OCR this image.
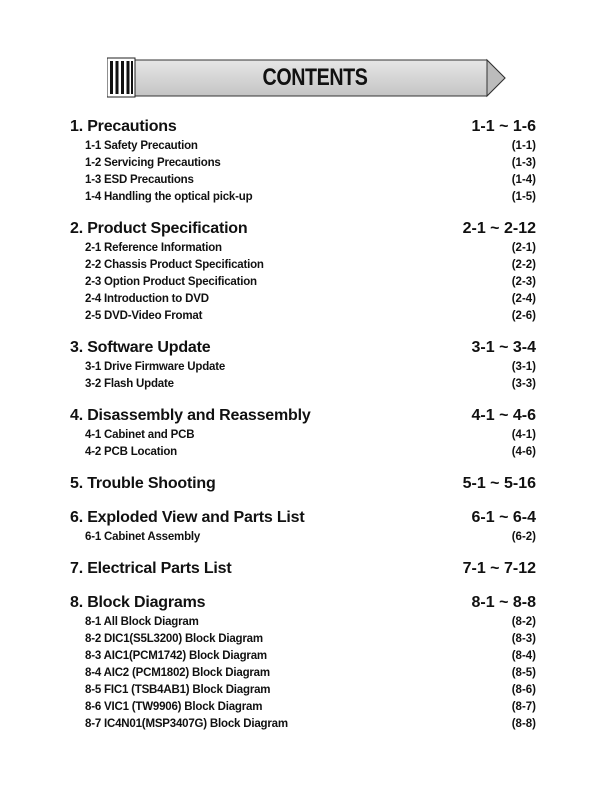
CONTENTS
1. Precautions	1-1 ~ 1-6
1-1 Safety Precaution	(1-1)
1-2 Servicing Precautions	(1-3)
1-3 ESD Precautions	(1-4)
1-4 Handling the optical pick-up	(1-5)
2. Product Specification	2-1 ~ 2-12
2-1 Reference Information	(2-1)
2-2 Chassis Product Specification	(2-2)
2-3 Option Product Specification	(2-3)
2-4 Introduction to DVD	(2-4)
2-5 DVD-Video Fromat	(2-6)
3. Software Update	3-1 ~ 3-4
3-1 Drive Firmware Update	(3-1)
3-2 Flash Update	(3-3)
4. Disassembly and Reassembly	4-1 ~ 4-6
4-1 Cabinet and PCB	(4-1)
4-2 PCB Location	(4-6)
5. Trouble Shooting	5-1 ~ 5-16
6. Exploded View and Parts List	6-1 ~ 6-4
6-1 Cabinet Assembly	(6-2)
7. Electrical Parts List	7-1 ~ 7-12
8. Block Diagrams	8-1 ~ 8-8
8-1 All Block Diagram	(8-2)
8-2 DIC1(S5L3200) Block Diagram	(8-3)
8-3 AIC1(PCM1742) Block Diagram	(8-4)
8-4 AIC2 (PCM1802) Block Diagram	(8-5)
8-5 FIC1 (TSB4AB1) Block Diagram	(8-6)
8-6 VIC1 (TW9906) Block Diagram	(8-7)
8-7 IC4N01(MSP3407G) Block Diagram	(8-8)
